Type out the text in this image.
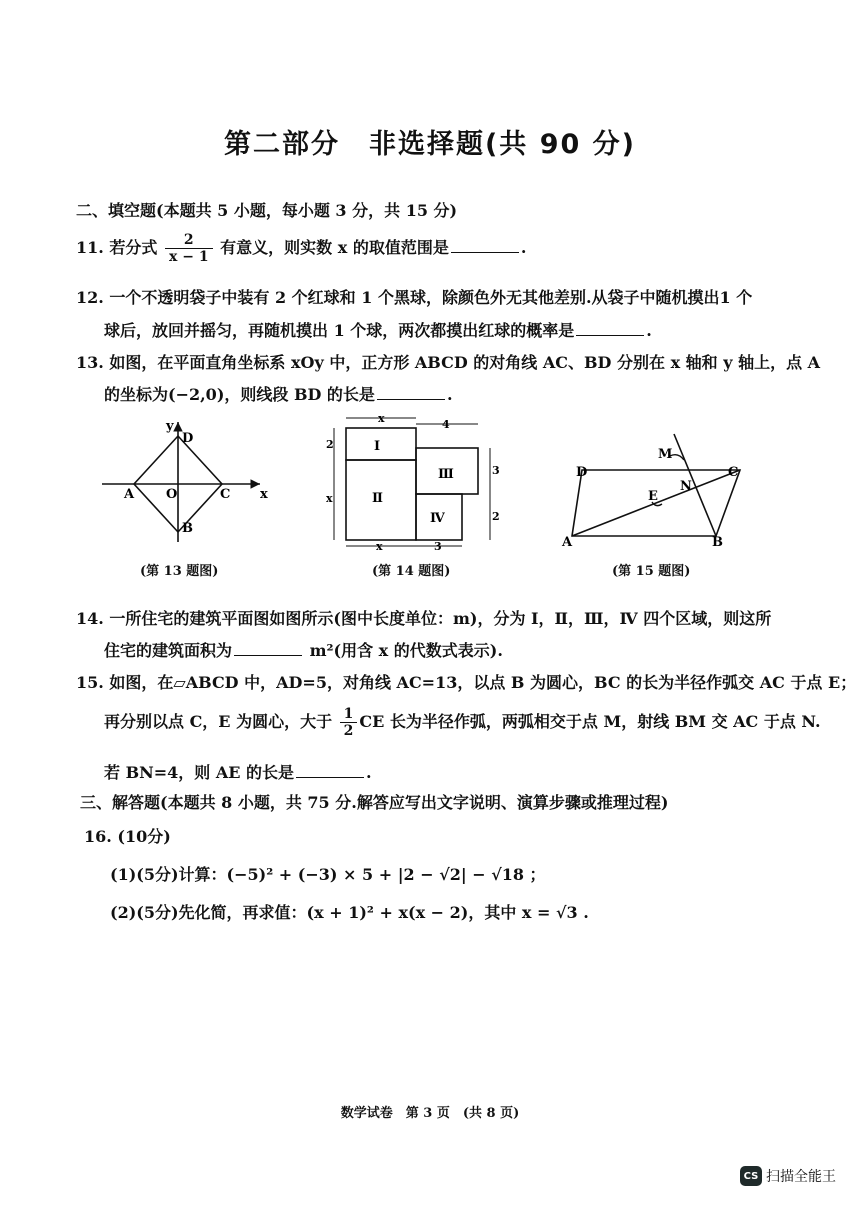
第二部分　非选择题(共 90 分)
二、填空题(本题共 5 小题，每小题 3 分，共 15 分)
11. 若分式 $\frac{2}{x - 1}$ 有意义，则实数 x 的取值范围是	.
12. 一个不透明袋子中装有 2 个红球和 1 个黑球，除颜色外无其他差别.从袋子中随机摸出1 个
球后，放回并摇匀，再随机摸出 1 个球，两次都摸出红球的概率是	.
13. 如图，在平面直角坐标系 xOy 中，正方形 ABCD 的对角线 AC、BD 分别在 x 轴和 y 轴上，点 A
的坐标为(−2,0)，则线段 BD 的长是	.
y
x
D
A O	C
B
(第 13 题图)
x	4
2
x
3
2
3
x
Ⅰ
Ⅱ
Ⅲ
Ⅳ
(第 14 题图)
D	C
M
N
E
A	B
(第 15 题图)
14. 一所住宅的建筑平面图如图所示(图中长度单位：m)，分为 Ⅰ，Ⅱ，Ⅲ，Ⅳ 四个区域，则这所
住宅的建筑面积为	m²(用含 x 的代数式表示).
15. 如图，在▱ABCD 中，AD=5，对角线 AC=13，以点 B 为圆心，BC 的长为半径作弧交 AC 于点 E；
再分别以点 C，E 为圆心，大于 $\frac{1}{2}$ CE 长为半径作弧，两弧相交于点 M，射线 BM 交 AC 于点 N.
若 BN=4，则 AE 的长是	.
三、解答题(本题共 8 小题，共 75 分.解答应写出文字说明、演算步骤或推理过程)
16. (10分)
(1)(5分)计算：(−5)² + (−3) × 5 + |2 − √2| − √18 ；
(2)(5分)先化简，再求值：(x + 1)² + x(x − 2)，其中 x = √3 .
数学试卷　第 3 页　(共 8 页)
CS 扫描全能王
